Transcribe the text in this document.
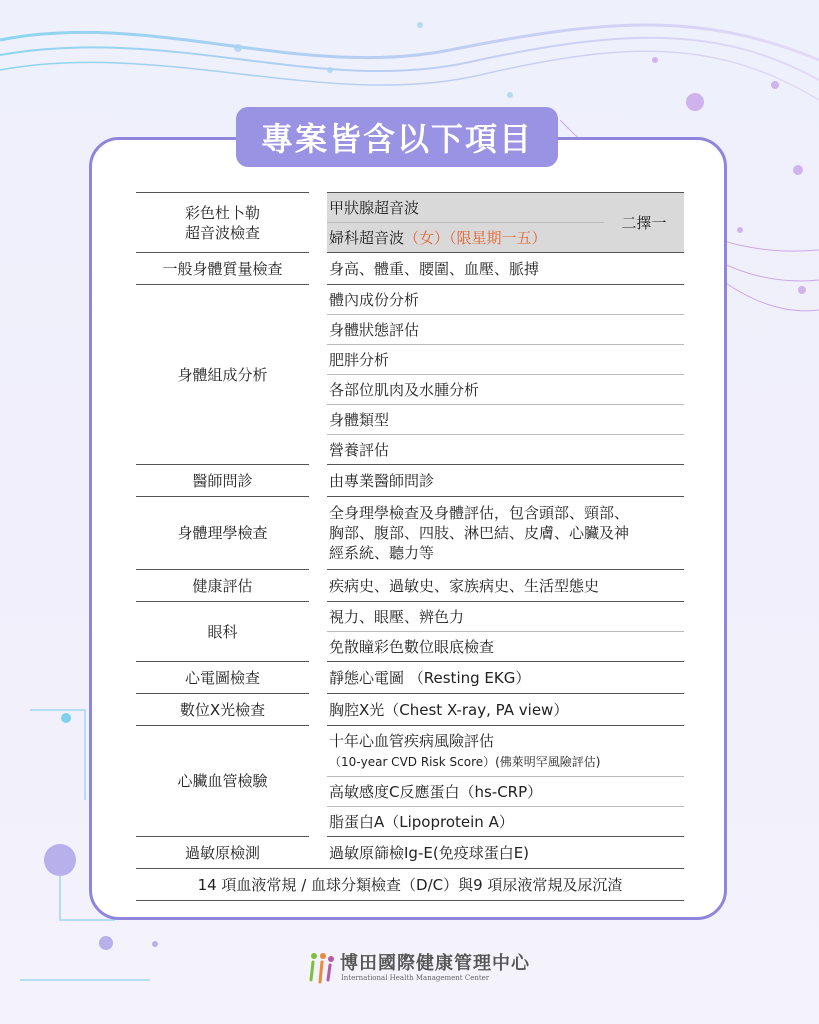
專案皆含以下項目
彩色杜卜勒
超音波檢查		甲狀腺超音波	二擇一
		婦科超音波（女）（限星期一五）	
一般身體質量檢查		身高、體重、腰圍、血壓、脈搏	
身體組成分析		體內成份分析	
		身體狀態評估	
		肥胖分析	
		各部位肌肉及水腫分析	
		身體類型	
		營養評估	
醫師問診		由專業醫師問診	
身體理學檢查		全身理學檢查及身體評估，包含頭部、頸部、
胸部、腹部、四肢、淋巴結、皮膚、心臟及神
經系統、聽力等	
健康評估		疾病史、過敏史、家族病史、生活型態史	
眼科		視力、眼壓、辨色力	
		免散瞳彩色數位眼底檢查	
心電圖檢查		靜態心電圖 （Resting EKG）	
數位X光檢查		胸腔X光（Chest X-ray, PA view）	
心臟血管檢驗		十年心血管疾病風險評估
（10-year CVD Risk Score）(佛萊明罕風險評估)	
		高敏感度C反應蛋白（hs-CRP）	
		脂蛋白A（Lipoprotein A）	
過敏原檢測		過敏原篩檢Ig-E(免疫球蛋白E)	
14 項血液常規 / 血球分類檢查（D/C）與9 項尿液常規及尿沉渣			
博田國際健康管理中心
International Health Management Center
